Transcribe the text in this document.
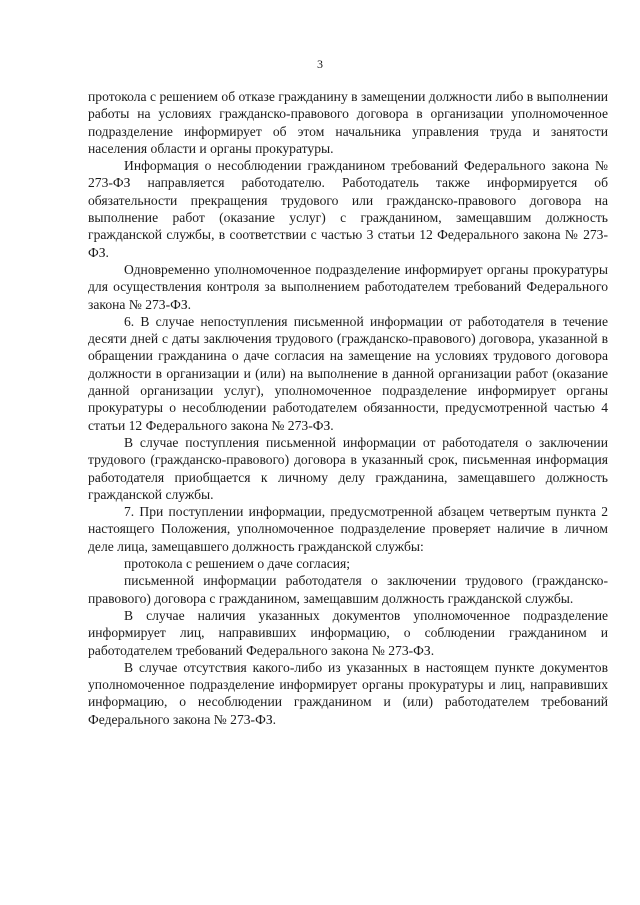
3

протокола с решением об отказе гражданину в замещении должности либо в выполнении работы на условиях гражданско-правового договора в организации уполномоченное подразделение информирует об этом начальника управления труда и занятости населения области и органы прокуратуры.

Информация о несоблюдении гражданином требований Федерального закона № 273-ФЗ направляется работодателю. Работодатель также информируется об обязательности прекращения трудового или гражданско-правового договора на выполнение работ (оказание услуг) с гражданином, замещавшим должность гражданской службы, в соответствии с частью 3 статьи 12 Федерального закона № 273-ФЗ.

Одновременно уполномоченное подразделение информирует органы прокуратуры для осуществления контроля за выполнением работодателем требований Федерального закона № 273-ФЗ.

6. В случае непоступления письменной информации от работодателя в течение десяти дней с даты заключения трудового (гражданско-правового) договора, указанной в обращении гражданина о даче согласия на замещение на условиях трудового договора должности в организации и (или) на выполнение в данной организации работ (оказание данной организации услуг), уполномоченное подразделение информирует органы прокуратуры о несоблюдении работодателем обязанности, предусмотренной частью 4 статьи 12 Федерального закона № 273-ФЗ.

В случае поступления письменной информации от работодателя о заключении трудового (гражданско-правового) договора в указанный срок, письменная информация работодателя приобщается к личному делу гражданина, замещавшего должность гражданской службы.

7. При поступлении информации, предусмотренной абзацем четвертым пункта 2 настоящего Положения, уполномоченное подразделение проверяет наличие в личном деле лица, замещавшего должность гражданской службы:

протокола с решением о даче согласия;

письменной информации работодателя о заключении трудового (гражданско-правового) договора с гражданином, замещавшим должность гражданской службы.

В случае наличия указанных документов уполномоченное подразделение информирует лиц, направивших информацию, о соблюдении гражданином и работодателем требований Федерального закона № 273-ФЗ.

В случае отсутствия какого-либо из указанных в настоящем пункте документов уполномоченное подразделение информирует органы прокуратуры и лиц, направивших информацию, о несоблюдении гражданином и (или) работодателем требований Федерального закона № 273-ФЗ.
